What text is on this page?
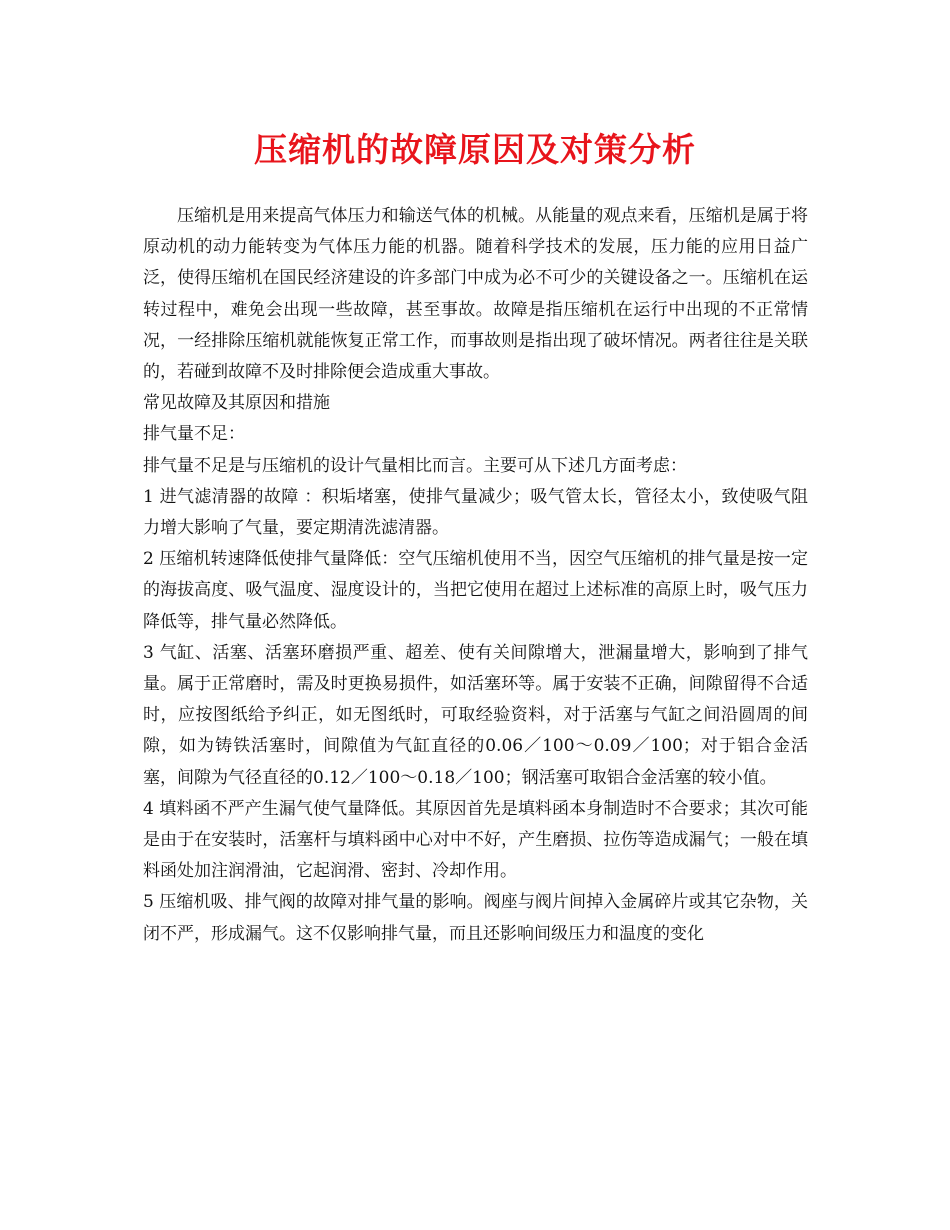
压缩机的故障原因及对策分析

压缩机是用来提高气体压力和输送气体的机械。从能量的观点来看，压缩机是属于将原动机的动力能转变为气体压力能的机器。随着科学技术的发展，压力能的应用日益广泛，使得压缩机在国民经济建设的许多部门中成为必不可少的关键设备之一。压缩机在运转过程中，难免会出现一些故障，甚至事故。故障是指压缩机在运行中出现的不正常情况，一经排除压缩机就能恢复正常工作，而事故则是指出现了破坏情况。两者往往是关联的，若碰到故障不及时排除便会造成重大事故。

常见故障及其原因和措施

排气量不足：

排气量不足是与压缩机的设计气量相比而言。主要可从下述几方面考虑：

1 进气滤清器的故障 ：积垢堵塞，使排气量减少；吸气管太长，管径太小，致使吸气阻力增大影响了气量，要定期清洗滤清器。

2 压缩机转速降低使排气量降低：空气压缩机使用不当，因空气压缩机的排气量是按一定的海拔高度、吸气温度、湿度设计的，当把它使用在超过上述标准的高原上时，吸气压力降低等，排气量必然降低。

3 气缸、活塞、活塞环磨损严重、超差、使有关间隙增大，泄漏量增大，影响到了排气量。属于正常磨时，需及时更换易损件，如活塞环等。属于安装不正确，间隙留得不合适时，应按图纸给予纠正，如无图纸时，可取经验资料，对于活塞与气缸之间沿圆周的间隙，如为铸铁活塞时，间隙值为气缸直径的0.06／100～0.09／100；对于铝合金活塞，间隙为气径直径的0.12／100～0.18／100；钢活塞可取铝合金活塞的较小值。

4 填料函不严产生漏气使气量降低。其原因首先是填料函本身制造时不合要求；其次可能是由于在安装时，活塞杆与填料函中心对中不好，产生磨损、拉伤等造成漏气；一般在填料函处加注润滑油，它起润滑、密封、冷却作用。

5 压缩机吸、排气阀的故障对排气量的影响。阀座与阀片间掉入金属碎片或其它杂物，关闭不严，形成漏气。这不仅影响排气量，而且还影响间级压力和温度的变化
